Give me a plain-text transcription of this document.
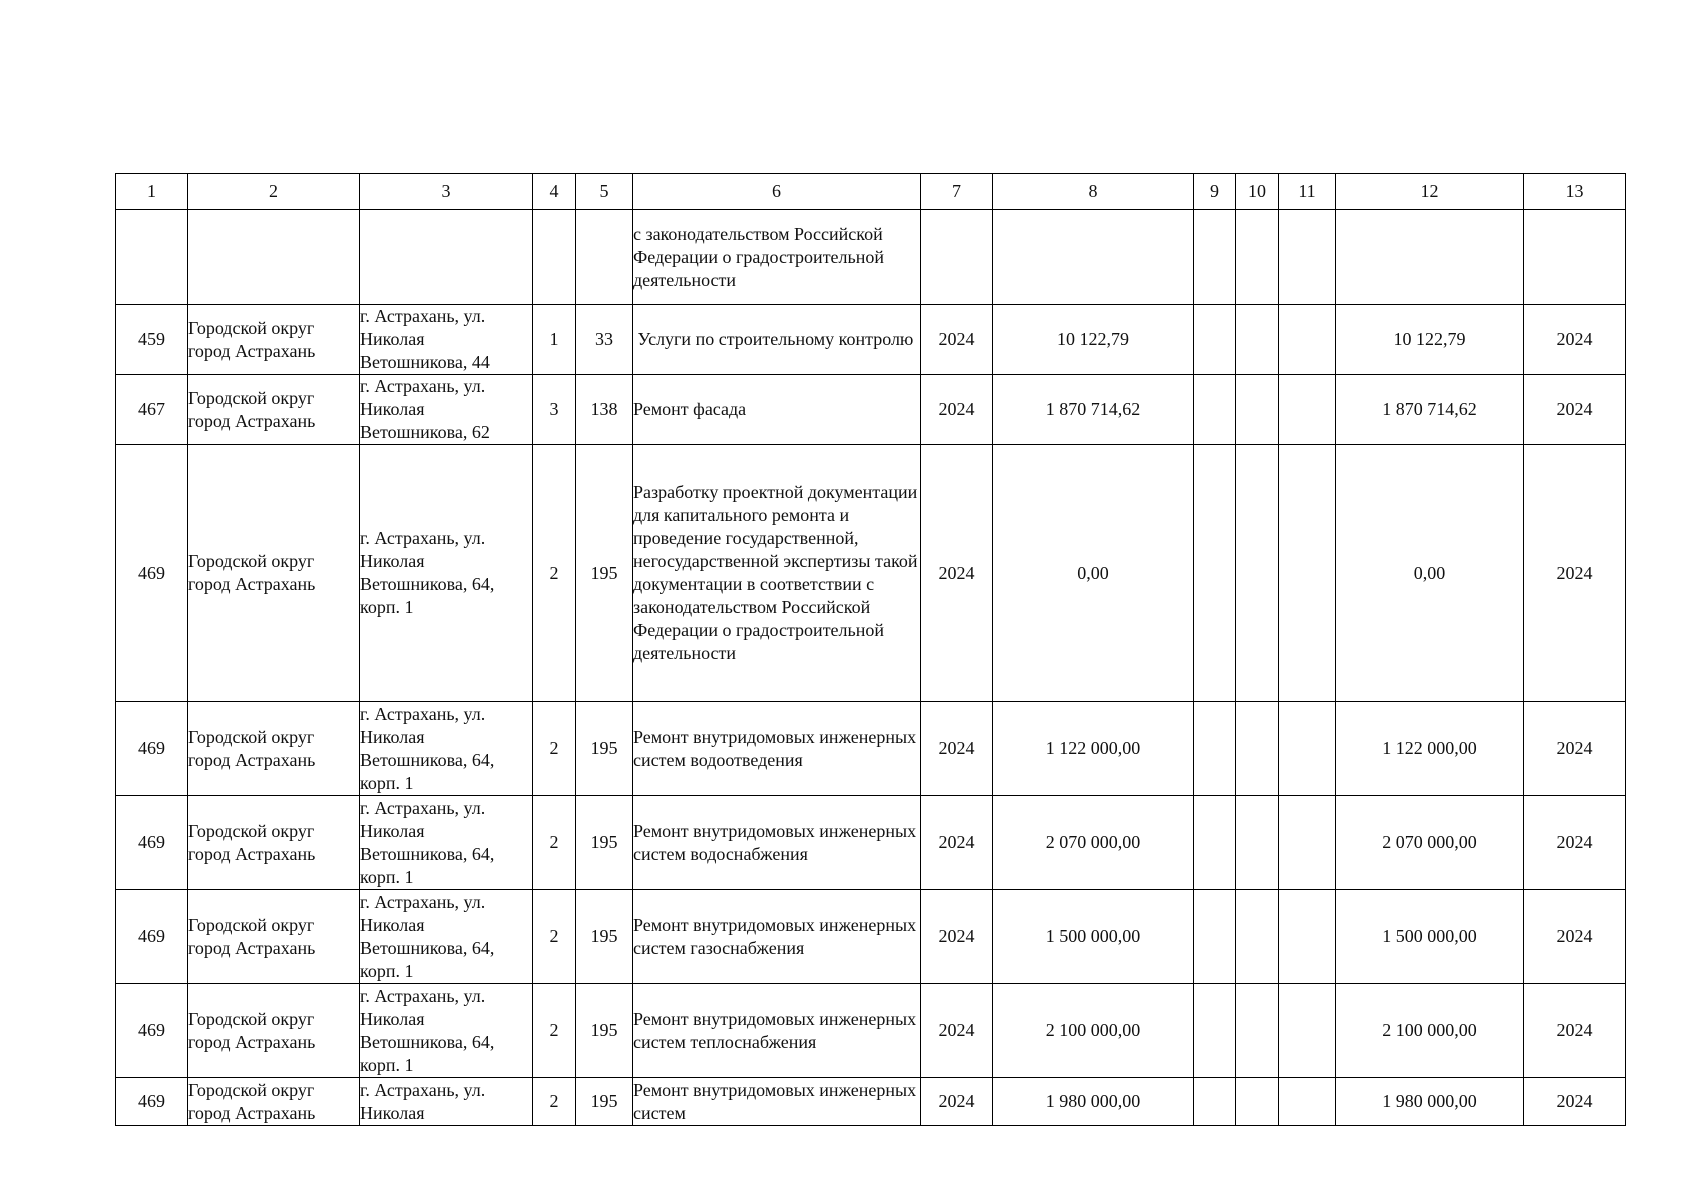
1	2	3	4	5	6	7	8	9	10	11	12	13
					с законодательством Российской Федерации о градостроительной деятельности							
459	Городской округ город Астрахань	г. Астрахань, ул. Николая Ветошникова, 44	1	33	Услуги по строительному контролю	2024	10 122,79				10 122,79	2024
467	Городской округ город Астрахань	г. Астрахань, ул. Николая Ветошникова, 62	3	138	Ремонт фасада	2024	1 870 714,62				1 870 714,62	2024
469	Городской округ город Астрахань	г. Астрахань, ул. Николая Ветошникова, 64, корп. 1	2	195	Разработку проектной документации для капитального ремонта и проведение государственной, негосударственной экспертизы такой документации в соответствии с законодательством Российской Федерации о градостроительной деятельности	2024	0,00				0,00	2024
469	Городской округ город Астрахань	г. Астрахань, ул. Николая Ветошникова, 64, корп. 1	2	195	Ремонт внутридомовых инженерных систем водоотведения	2024	1 122 000,00				1 122 000,00	2024
469	Городской округ город Астрахань	г. Астрахань, ул. Николая Ветошникова, 64, корп. 1	2	195	Ремонт внутридомовых инженерных систем водоснабжения	2024	2 070 000,00				2 070 000,00	2024
469	Городской округ город Астрахань	г. Астрахань, ул. Николая Ветошникова, 64, корп. 1	2	195	Ремонт внутридомовых инженерных систем газоснабжения	2024	1 500 000,00				1 500 000,00	2024
469	Городской округ город Астрахань	г. Астрахань, ул. Николая Ветошникова, 64, корп. 1	2	195	Ремонт внутридомовых инженерных систем теплоснабжения	2024	2 100 000,00				2 100 000,00	2024
469	Городской округ город Астрахань	г. Астрахань, ул. Николая	2	195	Ремонт внутридомовых инженерных систем	2024	1 980 000,00				1 980 000,00	2024
